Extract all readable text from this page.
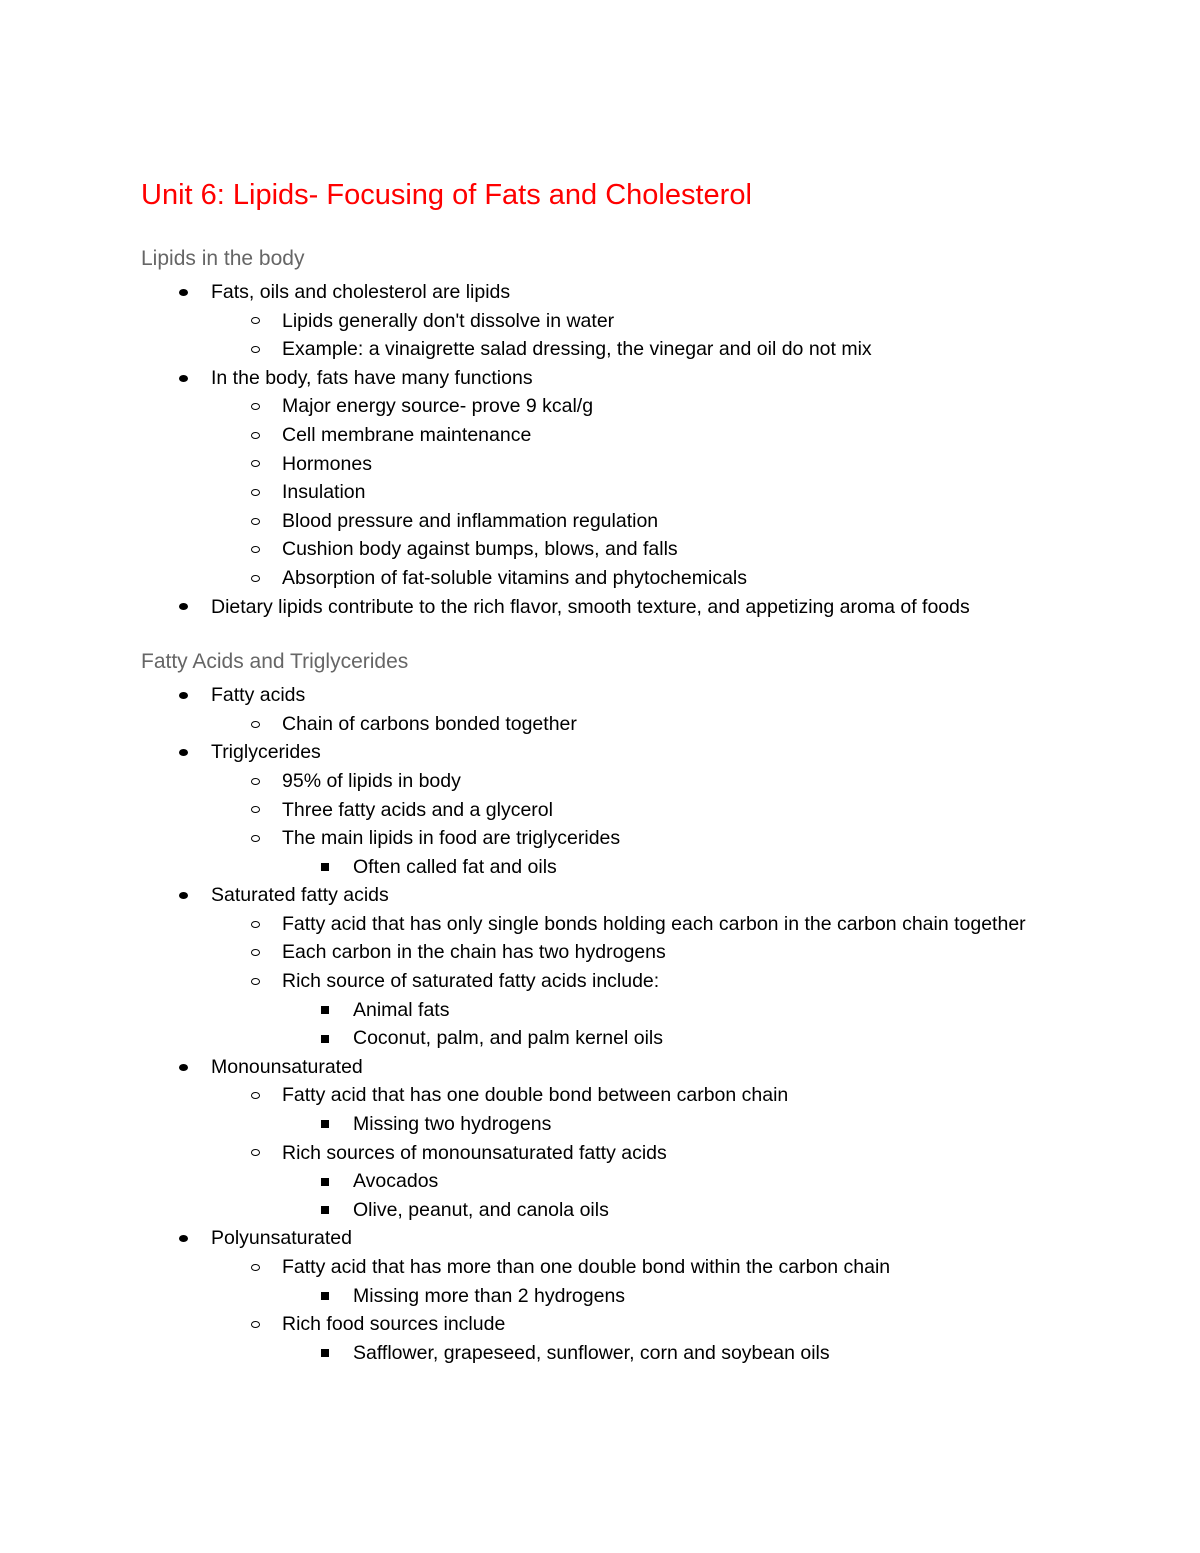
Unit 6: Lipids- Focusing of Fats and Cholesterol
Lipids in the body
Fats, oils and cholesterol are lipids
Lipids generally don't dissolve in water
Example: a vinaigrette salad dressing, the vinegar and oil do not mix
In the body, fats have many functions
Major energy source- prove 9 kcal/g
Cell membrane maintenance
Hormones
Insulation
Blood pressure and inflammation regulation
Cushion body against bumps, blows, and falls
Absorption of fat-soluble vitamins and phytochemicals
Dietary lipids contribute to the rich flavor, smooth texture, and appetizing aroma of foods
Fatty Acids and Triglycerides
Fatty acids
Chain of carbons bonded together
Triglycerides
95% of lipids in body
Three fatty acids and a glycerol
The main lipids in food are triglycerides
Often called fat and oils
Saturated fatty acids
Fatty acid that has only single bonds holding each carbon in the carbon chain together
Each carbon in the chain has two hydrogens
Rich source of saturated fatty acids include:
Animal fats
Coconut, palm, and palm kernel oils
Monounsaturated
Fatty acid that has one double bond between carbon chain
Missing two hydrogens
Rich sources of monounsaturated fatty acids
Avocados
Olive, peanut, and canola oils
Polyunsaturated
Fatty acid that has more than one double bond within the carbon chain
Missing more than 2 hydrogens
Rich food sources include
Safflower, grapeseed, sunflower, corn and soybean oils
